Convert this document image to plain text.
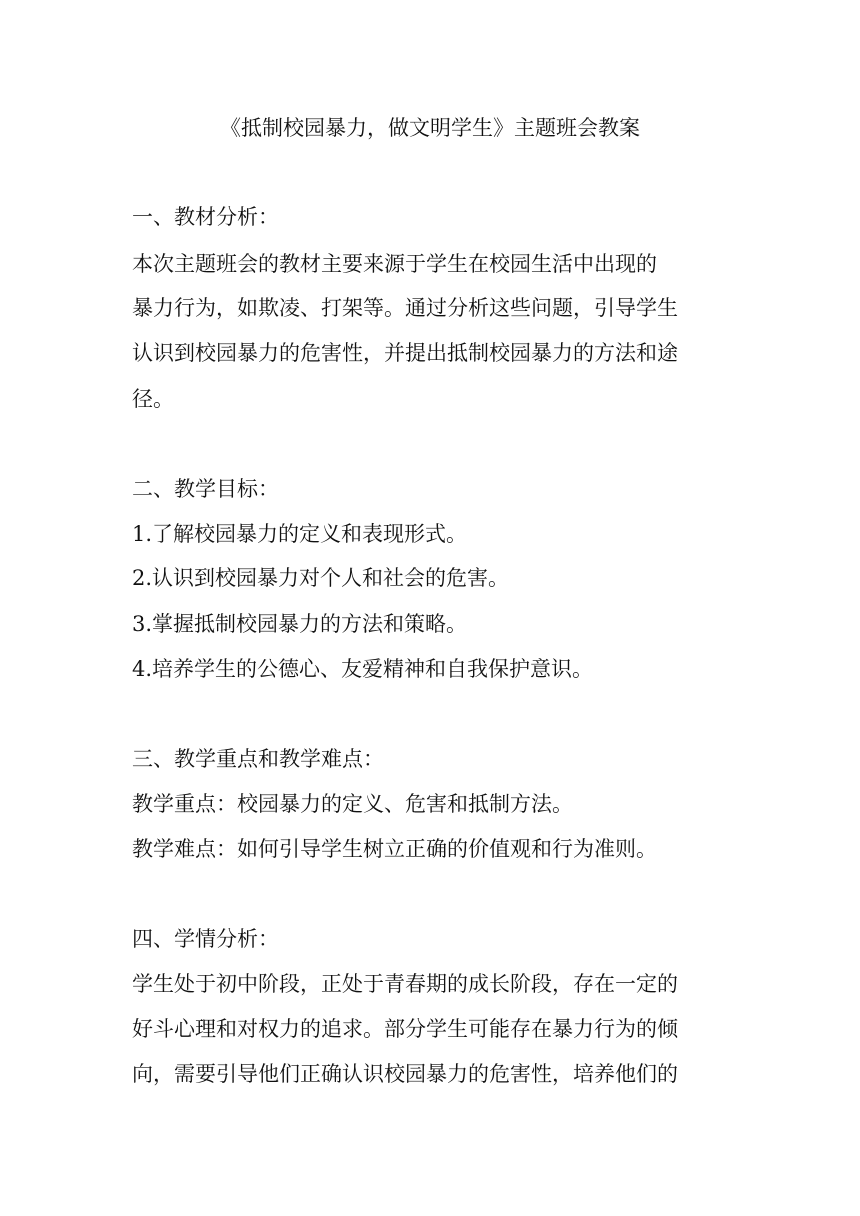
《抵制校园暴力，做文明学生》主题班会教案
一、教材分析：
本次主题班会的教材主要来源于学生在校园生活中出现的
暴力行为，如欺凌、打架等。通过分析这些问题，引导学生
认识到校园暴力的危害性，并提出抵制校园暴力的方法和途
径。
二、教学目标：
1.了解校园暴力的定义和表现形式。
2.认识到校园暴力对个人和社会的危害。
3.掌握抵制校园暴力的方法和策略。
4.培养学生的公德心、友爱精神和自我保护意识。
三、教学重点和教学难点：
教学重点：校园暴力的定义、危害和抵制方法。
教学难点：如何引导学生树立正确的价值观和行为准则。
四、学情分析：
学生处于初中阶段，正处于青春期的成长阶段，存在一定的
好斗心理和对权力的追求。部分学生可能存在暴力行为的倾
向，需要引导他们正确认识校园暴力的危害性，培养他们的
